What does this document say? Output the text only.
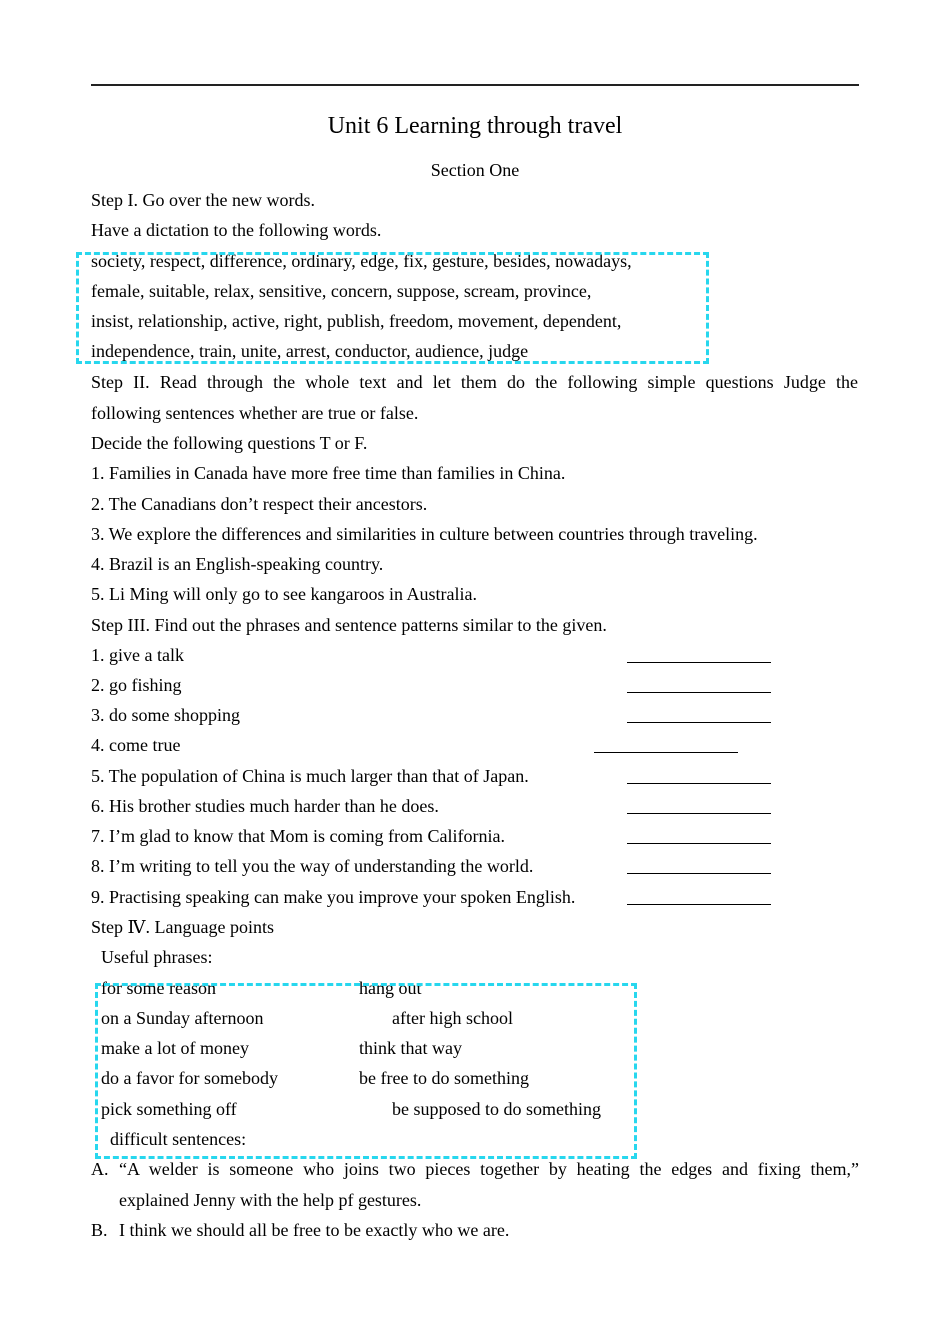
Unit 6 Learning through travel
Section One
Step I. Go over the new words.
Have a dictation to the following words.
society, respect, difference, ordinary, edge, fix, gesture, besides, nowadays,
female, suitable, relax, sensitive, concern, suppose, scream, province,
insist, relationship, active, right, publish, freedom, movement, dependent,
independence, train, unite, arrest, conductor, audience, judge
Step II. Read through the whole text and let them do the following simple questions Judge the
following sentences whether are true or false.
Decide the following questions T or F.
1. Families in Canada have more free time than families in China.
2. The Canadians don’t respect their ancestors.
3. We explore the differences and similarities in culture between countries through traveling.
4. Brazil is an English-speaking country.
5. Li Ming will only go to see kangaroos in Australia.
Step III. Find out the phrases and sentence patterns similar to the given.
1. give a talk
2. go fishing
3. do some shopping
4. come true
5. The population of China is much larger than that of Japan.
6. His brother studies much harder than he does.
7. I’m glad to know that Mom is coming from California.
8. I’m writing to tell you the way of understanding the world.
9. Practising speaking can make you improve your spoken English.
Step Ⅳ. Language points
Useful phrases:
for some reason
on a Sunday afternoon
make a lot of money
do a favor for somebody
pick something off
hang out
after high school
think that way
be free to do something
be supposed to do something
difficult sentences:
A. “A welder is someone who joins two pieces together by heating the edges and fixing them,”
explained Jenny with the help pf gestures.
B. I think we should all be free to be exactly who we are.
